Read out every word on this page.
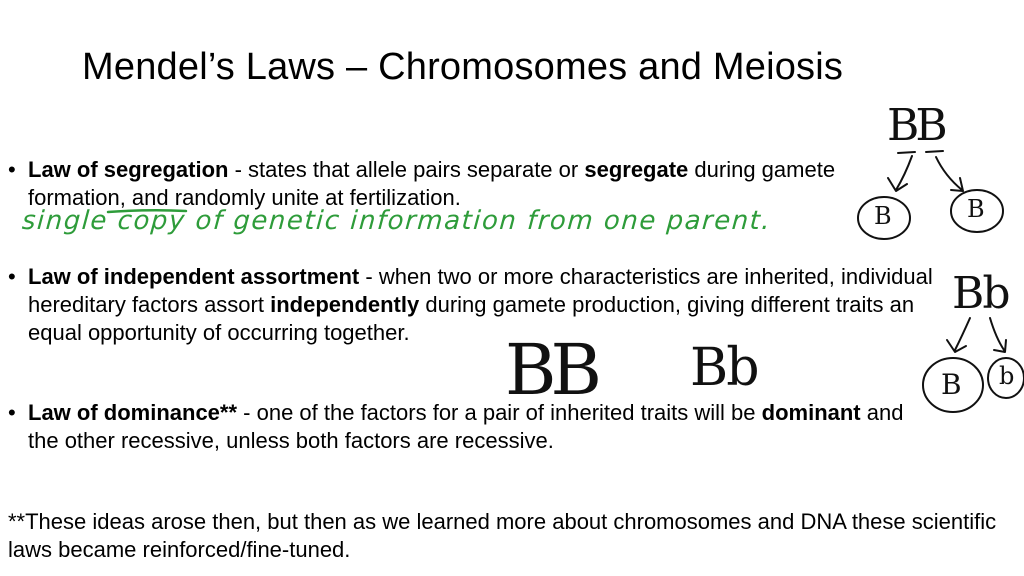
Mendel’s Laws – Chromosomes and Meiosis
• Law of segregation - states that allele pairs separate or segregate during gamete formation, and randomly unite at fertilization.
• Law of independent assortment - when two or more characteristics are inherited, individual hereditary factors assort independently during gamete production, giving different traits an equal opportunity of occurring together.
• Law of dominance** - one of the factors for a pair of inherited traits will be dominant and the other recessive, unless both factors are recessive.
**These ideas arose then, but then as we learned more about chromosomes and DNA these scientific laws became reinforced/fine-tuned.
single copy of genetic information from one parent.
BB
B	B
Bb
B b
BB Bb
